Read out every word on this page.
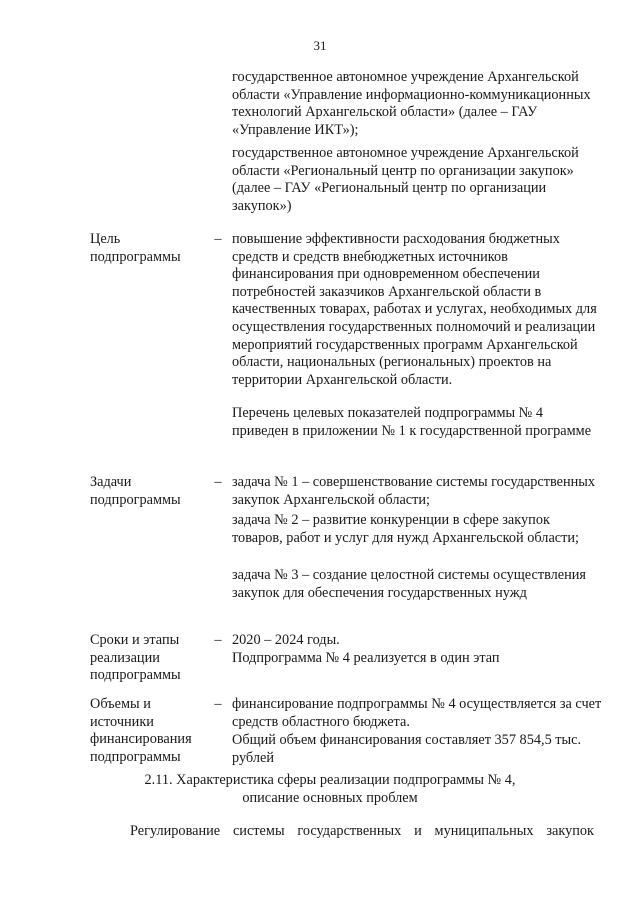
31

государственное автономное учреждение Архангельской области «Управление информационно-коммуникационных технологий Архангельской области» (далее – ГАУ «Управление ИКТ»);

государственное автономное учреждение Архангельской области «Региональный центр по организации закупок» (далее – ГАУ «Региональный центр по организации закупок»)

Цель подпрограммы

– повышение эффективности расходования бюджетных средств и средств внебюджетных источников финансирования при одновременном обеспечении потребностей заказчиков Архангельской области в качественных товарах, работах и услугах, необходимых для осуществления государственных полномочий и реализации мероприятий государственных программ Архангельской области, национальных (региональных) проектов на территории Архангельской области.

Перечень целевых показателей подпрограммы № 4 приведен в приложении № 1 к государственной программе

Задачи подпрограммы

– задача № 1 – совершенствование системы государственных закупок Архангельской области;

задача № 2 – развитие конкуренции в сфере закупок товаров, работ и услуг для нужд Архангельской области;

задача № 3 – создание целостной системы осуществления закупок для обеспечения государственных нужд

Сроки и этапы реализации подпрограммы

– 2020 – 2024 годы.

Подпрограмма № 4 реализуется в один этап

Объемы и источники финансирования подпрограммы

– финансирование подпрограммы № 4 осуществляется за счет средств областного бюджета.

Общий объем финансирования составляет 357 854,5 тыс. рублей

2.11. Характеристика сферы реализации подпрограммы № 4, описание основных проблем

Регулирование системы государственных и муниципальных закупок
